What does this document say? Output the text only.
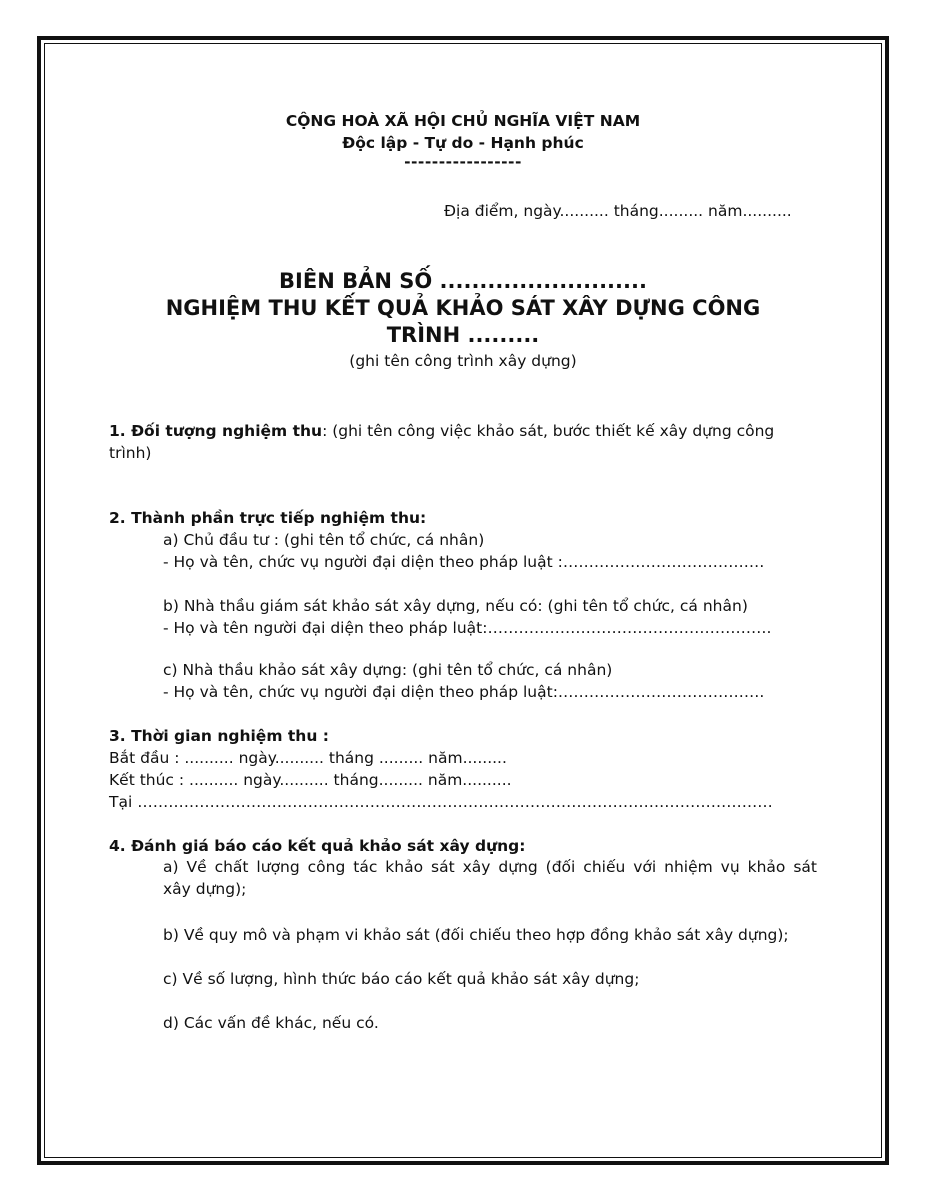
CỘNG HOÀ XÃ HỘI CHỦ NGHĨA VIỆT NAM
Độc lập - Tự do - Hạnh phúc
-----------------
Địa điểm, ngày.......... tháng......... năm..........
BIÊN BẢN SỐ ..........................
NGHIỆM THU KẾT QUẢ KHẢO SÁT XÂY DỰNG CÔNG
TRÌNH .........
(ghi tên công trình xây dựng)
1. Đối tượng nghiệm thu: (ghi tên công việc khảo sát, bước thiết kế xây dựng công
trình)
2. Thành phần trực tiếp nghiệm thu:
a) Chủ đầu tư : (ghi tên tổ chức, cá nhân)
- Họ và tên, chức vụ người đại diện theo pháp luật :…………………………………
b) Nhà thầu giám sát khảo sát xây dựng, nếu có: (ghi tên tổ chức, cá nhân)
- Họ và tên người đại diện theo pháp luật:……………………………………………….
c) Nhà thầu khảo sát xây dựng: (ghi tên tổ chức, cá nhân)
- Họ và tên, chức vụ người đại diện theo pháp luật:………………………………….
3. Thời gian nghiệm thu :
Bắt đầu : .......... ngày.......... tháng ......... năm.........
Kết thúc : .......... ngày.......... tháng......... năm..........
Tại ……………………………………………………………………………………………………………
4. Đánh giá báo cáo kết quả khảo sát xây dựng:
a) Về chất lượng công tác khảo sát xây dựng (đối chiếu với nhiệm vụ khảo sát
xây dựng);
b) Về quy mô và phạm vi khảo sát (đối chiếu theo hợp đồng khảo sát xây dựng);
c) Về số lượng, hình thức báo cáo kết quả khảo sát xây dựng;
d) Các vấn đề khác, nếu có.
